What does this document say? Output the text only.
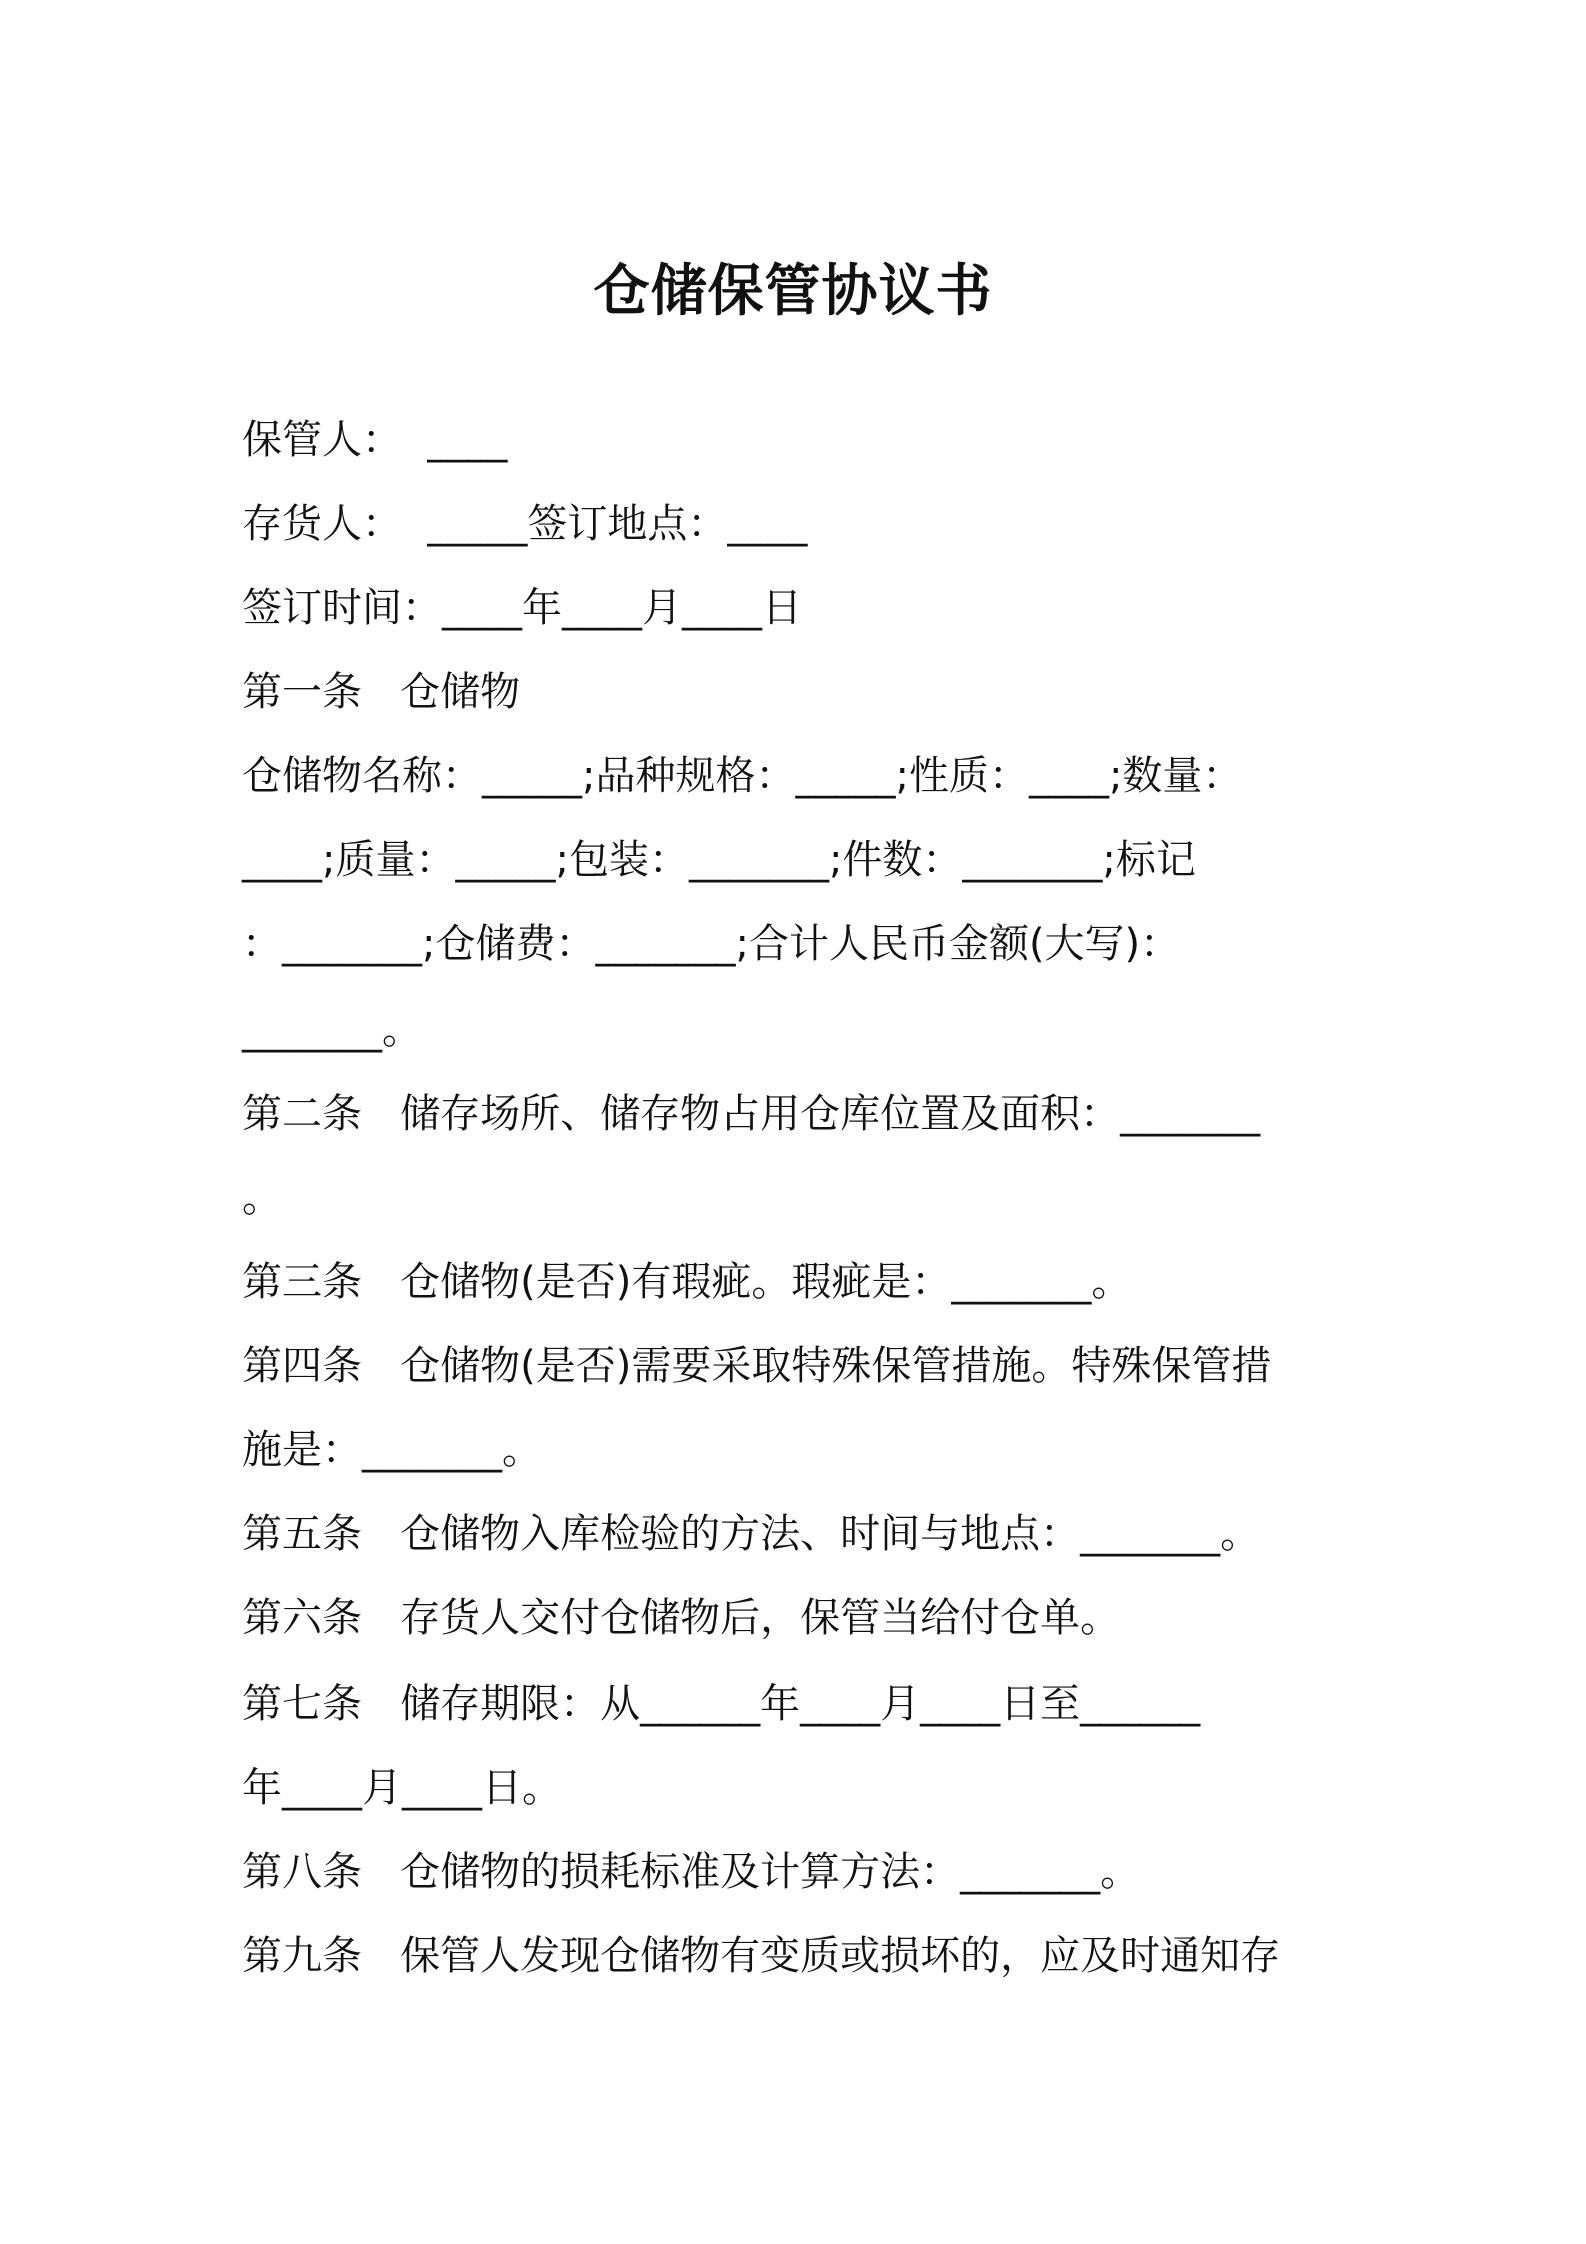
仓储保管协议书
保管人：  ____
存货人：  _____签订地点：____
签订时间：____年____月____日
第一条   仓储物
仓储物名称：_____;品种规格：_____;性质：____;数量：
____;质量：_____;包装：_______;件数：_______;标记
：_______;仓储费：_______;合计人民币金额(大写)：
_______。
第二条   储存场所、储存物占用仓库位置及面积：_______
。
第三条   仓储物(是否)有瑕疵。瑕疵是：_______。
第四条   仓储物(是否)需要采取特殊保管措施。特殊保管措
施是：_______。
第五条   仓储物入库检验的方法、时间与地点：_______。
第六条   存货人交付仓储物后，保管当给付仓单。
第七条   储存期限：从______年____月____日至______
年____月____日。
第八条   仓储物的损耗标准及计算方法：_______。
第九条   保管人发现仓储物有变质或损坏的，应及时通知存
